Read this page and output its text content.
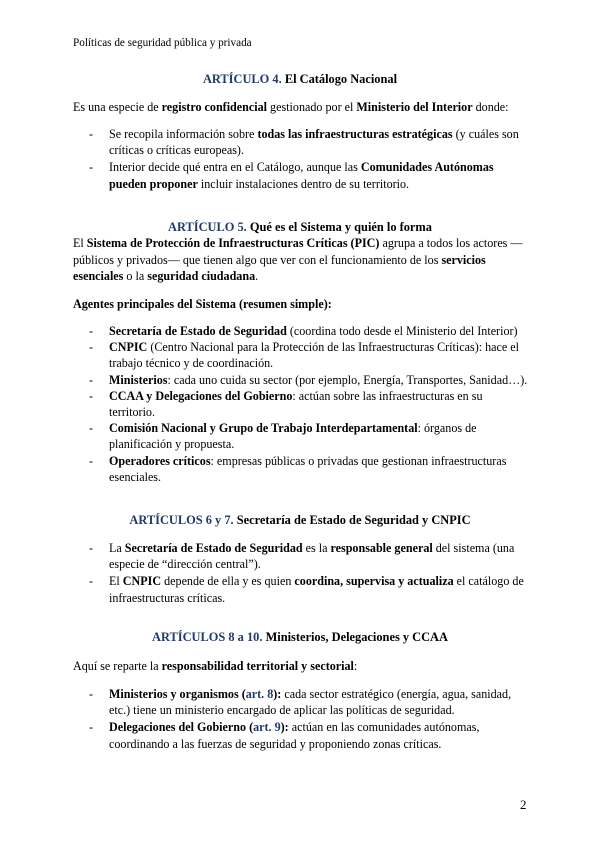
Políticas de seguridad pública y privada
ARTÍCULO 4. El Catálogo Nacional
Es una especie de registro confidencial gestionado por el Ministerio del Interior donde:
- Se recopila información sobre todas las infraestructuras estratégicas (y cuáles son críticas o críticas europeas).
- Interior decide qué entra en el Catálogo, aunque las Comunidades Autónomas pueden proponer incluir instalaciones dentro de su territorio.
ARTÍCULO 5. Qué es el Sistema y quién lo forma
El Sistema de Protección de Infraestructuras Críticas (PIC) agrupa a todos los actores —públicos y privados— que tienen algo que ver con el funcionamiento de los servicios esenciales o la seguridad ciudadana.
Agentes principales del Sistema (resumen simple):
- Secretaría de Estado de Seguridad (coordina todo desde el Ministerio del Interior)
- CNPIC (Centro Nacional para la Protección de las Infraestructuras Críticas): hace el trabajo técnico y de coordinación.
- Ministerios: cada uno cuida su sector (por ejemplo, Energía, Transportes, Sanidad…).
- CCAA y Delegaciones del Gobierno: actúan sobre las infraestructuras en su territorio.
- Comisión Nacional y Grupo de Trabajo Interdepartamental: órganos de planificación y propuesta.
- Operadores críticos: empresas públicas o privadas que gestionan infraestructuras esenciales.
ARTÍCULOS 6 y 7. Secretaría de Estado de Seguridad y CNPIC
- La Secretaría de Estado de Seguridad es la responsable general del sistema (una especie de “dirección central”).
- El CNPIC depende de ella y es quien coordina, supervisa y actualiza el catálogo de infraestructuras críticas.
ARTÍCULOS 8 a 10. Ministerios, Delegaciones y CCAA
Aquí se reparte la responsabilidad territorial y sectorial:
- Ministerios y organismos (art. 8): cada sector estratégico (energía, agua, sanidad, etc.) tiene un ministerio encargado de aplicar las políticas de seguridad.
- Delegaciones del Gobierno (art. 9): actúan en las comunidades autónomas, coordinando a las fuerzas de seguridad y proponiendo zonas críticas.
2
